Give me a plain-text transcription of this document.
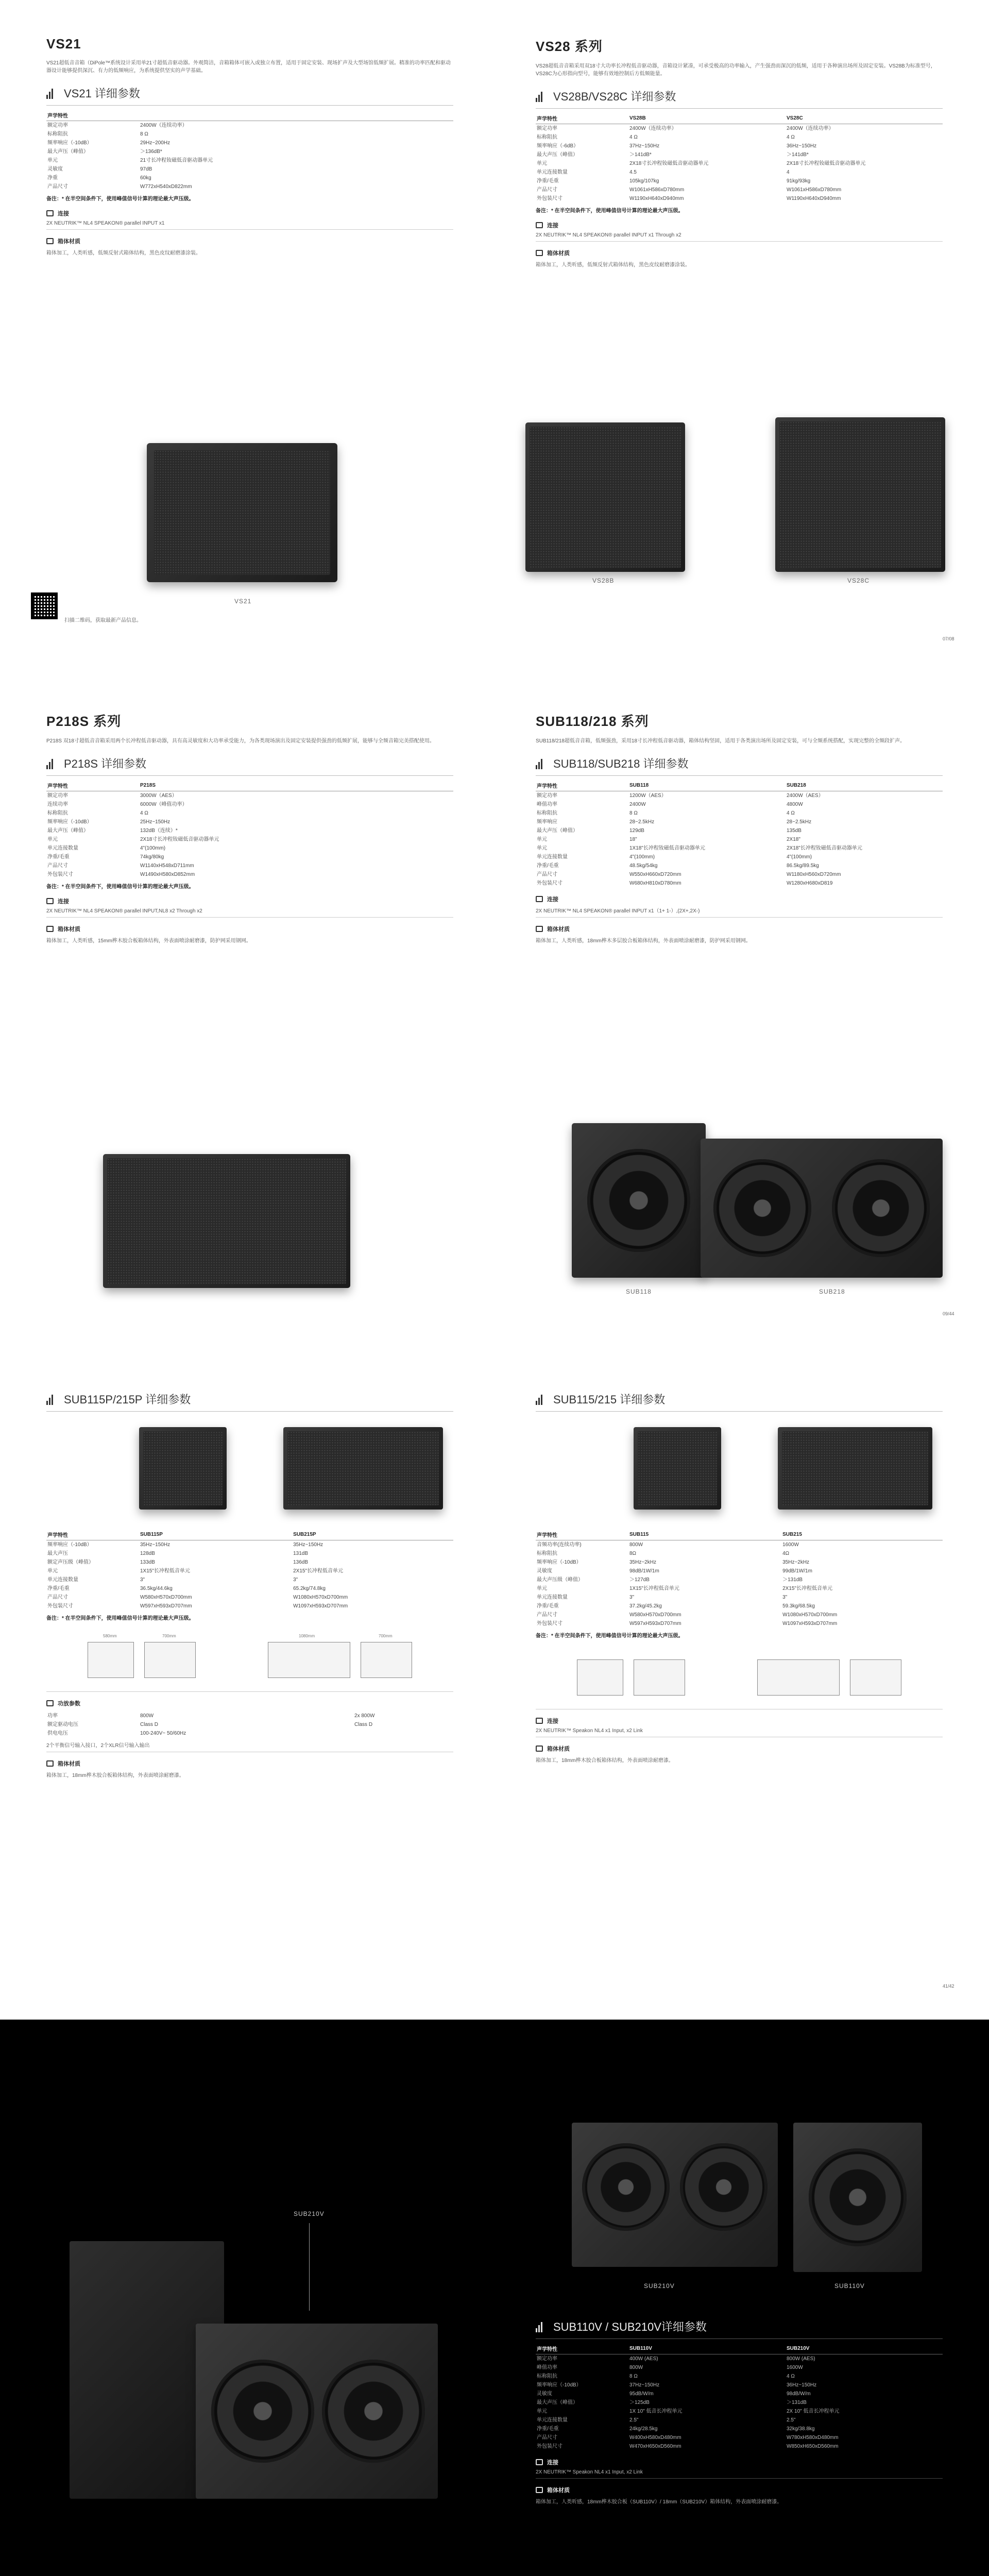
VS21
VS21超低音音箱（DiPole™系统设计采用单21寸超低音驱动器。外观简洁，音箱箱体可嵌入或独立布置，适用于固定安装、现场扩声及大型场馆低频扩展。精准的功率匹配和驱动器设计能够提供深沉、有力的低频响应，为系统提供坚实的声学基础。
VS21 详细参数
声学特性	
额定功率	2400W（连续功率）
标称阻抗	8 Ω
频率响应（-10dB）	29Hz~200Hz
最大声压（峰值）	＞136dB*
单元	21寸长冲程钕磁低音驱动器单元
灵敏度	97dB
净重	60kg
产品尺寸	W772xH540xD822mm
备注：* 在半空间条件下，使用峰值信号计算的理论最大声压级。
连接
2X NEUTRIK™ NL4 SPEAKON® parallel INPUT x1
箱体材质
箱体加工，人类听感，低频反射式箱体结构，黑色皮纹耐磨漆涂装。
VS21
扫描二维码，获取最新产品信息。
VS28 系列
VS28超低音音箱采用双18寸大功率长冲程低音驱动器，音箱设计紧凑，可承受极高的功率输入，产生强劲而深沉的低频，适用于各种演出场所及固定安装。VS28B为标准型号，VS28C为心形指向型号，能够有效地控制后方低频能量。
VS28B/VS28C 详细参数
声学特性	VS28B	VS28C
额定功率	2400W（连续功率）	2400W（连续功率）
标称阻抗	4 Ω	4 Ω
频率响应（-6dB）	37Hz~150Hz	36Hz~150Hz
最大声压（峰值）	＞141dB*	＞141dB*
单元	2X18寸长冲程钕磁低音驱动器单元	2X18寸长冲程钕磁低音驱动器单元
单元连接数量	4.5	4
净重/毛重	105kg/107kg	91kg/93kg
产品尺寸	W1061xH586xD780mm	W1061xH586xD780mm
外包装尺寸	W1190xH640xD940mm	W1190xH640xD940mm
备注：* 在半空间条件下，使用峰值信号计算的理论最大声压级。
连接
2X NEUTRIK™ NL4 SPEAKON® parallel INPUT x1 Through x2
箱体材质
箱体加工，人类听感，低频反射式箱体结构，黑色皮纹耐磨漆涂装。
VS28B	VS28C
07/08
P218S 系列
P218S 双18寸超低音音箱采用两个长冲程低音驱动器，具有高灵敏度和大功率承受能力，为各类现场演出及固定安装提供强劲的低频扩展，能够与全频音箱完美搭配使用。
P218S 详细参数
声学特性	P218S
额定功率	3000W（AES）
连续功率	6000W（峰值功率）
标称阻抗	4 Ω
频率响应（-10dB）	25Hz~150Hz
最大声压（峰值）	132dB（连续）*
单元	2X18寸长冲程钕磁低音驱动器单元
单元连接数量	4"(100mm)
净重/毛重	74kg/80kg
产品尺寸	W1140xH548xD711mm
外包装尺寸	W1490xH580xD852mm
备注：* 在半空间条件下，使用峰值信号计算的理论最大声压级。
连接
2X NEUTRIK™ NL4 SPEAKON® parallel INPUT,NL8 x2 Through x2
箱体材质
箱体加工，人类听感，15mm桦木胶合板箱体结构，外表面喷涂耐磨漆，防护网采用钢网。
SUB118/218 系列
SUB118/218超低音音箱，低频强劲，采用18寸长冲程低音驱动器，箱体结构坚固，适用于各类演出场所及固定安装，可与全频系统搭配，实现完整的全频段扩声。
SUB118/SUB218 详细参数
声学特性	SUB118	SUB218
额定功率	1200W（AES）	2400W（AES）
峰值功率	2400W	4800W
标称阻抗	8 Ω	4 Ω
频率响应	28~2.5kHz	28~2.5kHz
最大声压（峰值）	129dB	135dB
单元	18"	2X18"
单元	1X18"长冲程钕磁低音驱动器单元	2X18"长冲程钕磁低音驱动器单元
单元连接数量	4"(100mm)	4"(100mm)
净重/毛重	48.5kg/54kg	86.5kg/89.5kg
产品尺寸	W550xH660xD720mm	W1180xH560xD720mm
外包装尺寸	W680xH810xD780mm	W1280xH680xD819
连接
2X NEUTRIK™ NL4 SPEAKON® parallel INPUT x1（1+ 1-）,(2X+,2X-)
箱体材质
箱体加工，人类听感，18mm桦木多层胶合板箱体结构，外表面喷涂耐磨漆，防护网采用钢网。
SUB118	SUB218
09/44
SUB115P/215P 详细参数
声学特性	SUB115P	SUB215P
频率响应（-10dB）	35Hz~150Hz	35Hz~150Hz
最大声压	128dB	131dB
额定声压级（峰值）	133dB	136dB
单元	1X15"长冲程低音单元	2X15"长冲程低音单元
单元连接数量	3"	3"
净重/毛重	36.5kg/44.6kg	65.2kg/74.8kg
产品尺寸	W580xH570xD700mm	W1080xH570xD700mm
外包装尺寸	W597xH593xD707mm	W1097xH593xD707mm
备注：* 在半空间条件下，使用峰值信号计算的理论最大声压级。
580mm	700mm	1080mm	700mm
功放参数
功率	800W	2x 800W
额定驱动电压	Class D	Class D
供电电压	100-240V~ 50/60Hz	
2个平衡信号输入接口，2个XLR信号输入输出
箱体材质
箱体加工，18mm桦木胶合板箱体结构，外表面喷涂耐磨漆。
SUB115/215 详细参数
声学特性	SUB115	SUB215
音频功率(连续功率)	800W	1600W
标称阻抗	8Ω	4Ω
频率响应（-10dB）	35Hz~2kHz	35Hz~2kHz
灵敏度	98dB/1W/1m	99dB/1W/1m
最大声压级（峰值）	＞127dB	＞131dB
单元	1X15"长冲程低音单元	2X15"长冲程低音单元
单元连接数量	3"	3"
净重/毛重	37.2kg/45.2kg	59.3kg/68.5kg
产品尺寸	W580xH570xD700mm	W1080xH570xD700mm
外包装尺寸	W597xH593xD707mm	W1097xH593xD707mm
备注：* 在半空间条件下，使用峰值信号计算的理论最大声压级。
连接
2X NEUTRIK™ Speakon NL4 x1 Input, x2 Link
箱体材质
箱体加工，18mm桦木胶合板箱体结构，外表面喷涂耐磨漆。
41/42
SUB210V
SUB210V	SUB110V
SUB110V / SUB210V详细参数
声学特性	SUB110V	SUB210V
额定功率	400W (AES)	800W (AES)
峰值功率	800W	1600W
标称阻抗	8 Ω	4 Ω
频率响应（-10dB）	37Hz~150Hz	36Hz~150Hz
灵敏度	95dB/W/m	98dB/W/m
最大声压（峰值）	＞125dB	＞131dB
单元	1X 10" 低音长冲程单元	2X 10" 低音长冲程单元
单元连接数量	2.5"	2.5"
净重/毛重	24kg/28.5kg	32kg/38.8kg
产品尺寸	W400xH580xD480mm	W780xH580xD480mm
外包装尺寸	W470xH650xD560mm	W850xH650xD560mm
连接
2X NEUTRIK™ Speakon NL4 x1 Input, x2 Link
箱体材质
箱体加工，人类听感，18mm桦木胶合板（SUB110V）/ 18mm（SUB210V）箱体结构，外表面喷涂耐磨漆。
